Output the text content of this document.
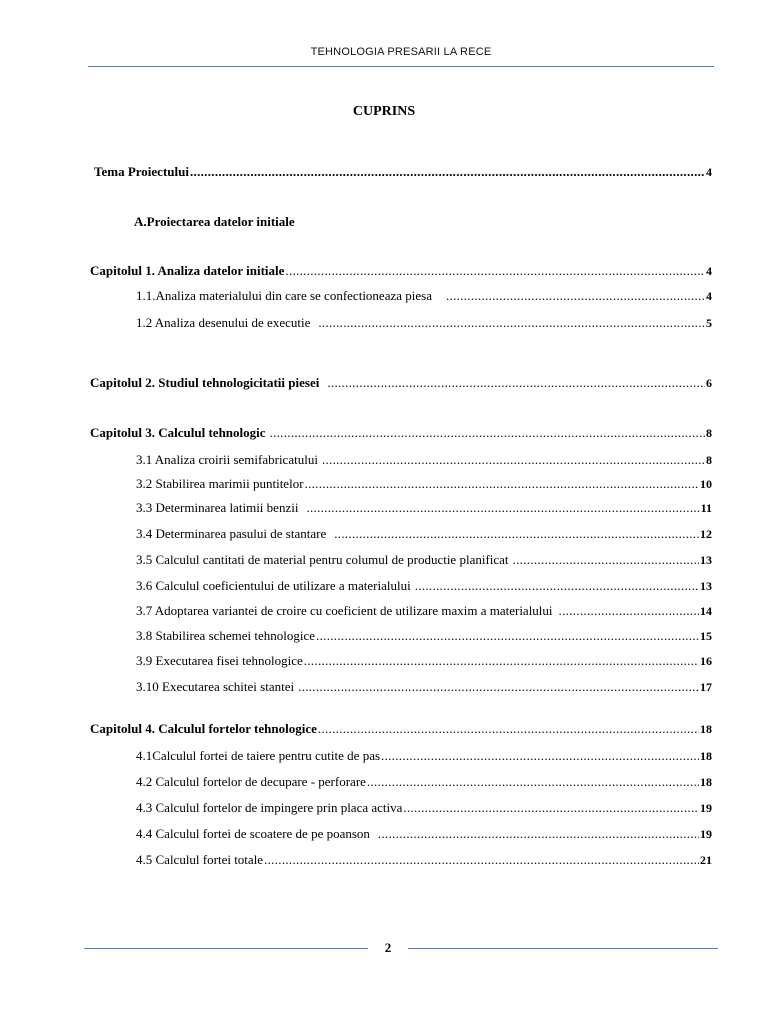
TEHNOLOGIA PRESARII LA RECE
CUPRINS
Tema Proiectului .....	4
A.Proiectarea datelor initiale
Capitolul 1. Analiza datelor initiale .....	4
1.1.Analiza materialului din care se confectioneaza piesa .....	4
1.2 Analiza desenului de executie .....	5
Capitolul 2. Studiul tehnologicitatii piesei .....	6
Capitolul 3. Calculul tehnologic .....	8
3.1 Analiza croirii semifabricatului .....	8
3.2 Stabilirea marimii puntitelor .....	10
3.3 Determinarea latimii benzii .....	11
3.4 Determinarea pasului de stantare .....	12
3.5 Calculul cantitati de material pentru columul de productie planificat .....	13
3.6 Calculul coeficientului de utilizare a materialului .....	13
3.7 Adoptarea variantei de croire cu coeficient de utilizare maxim a materialului .....	14
3.8 Stabilirea schemei tehnologice .....	15
3.9 Executarea fisei tehnologice .....	16
3.10 Executarea schitei stantei .....	17
Capitolul 4. Calculul fortelor tehnologice .....	18
4.1Calculul fortei de taiere pentru cutite de pas .....	18
4.2 Calculul fortelor de decupare - perforare .....	18
4.3 Calculul fortelor de impingere prin placa activa .....	19
4.4 Calculul fortei de scoatere de pe poanson .....	19
4.5 Calculul fortei totale .....	21
2
